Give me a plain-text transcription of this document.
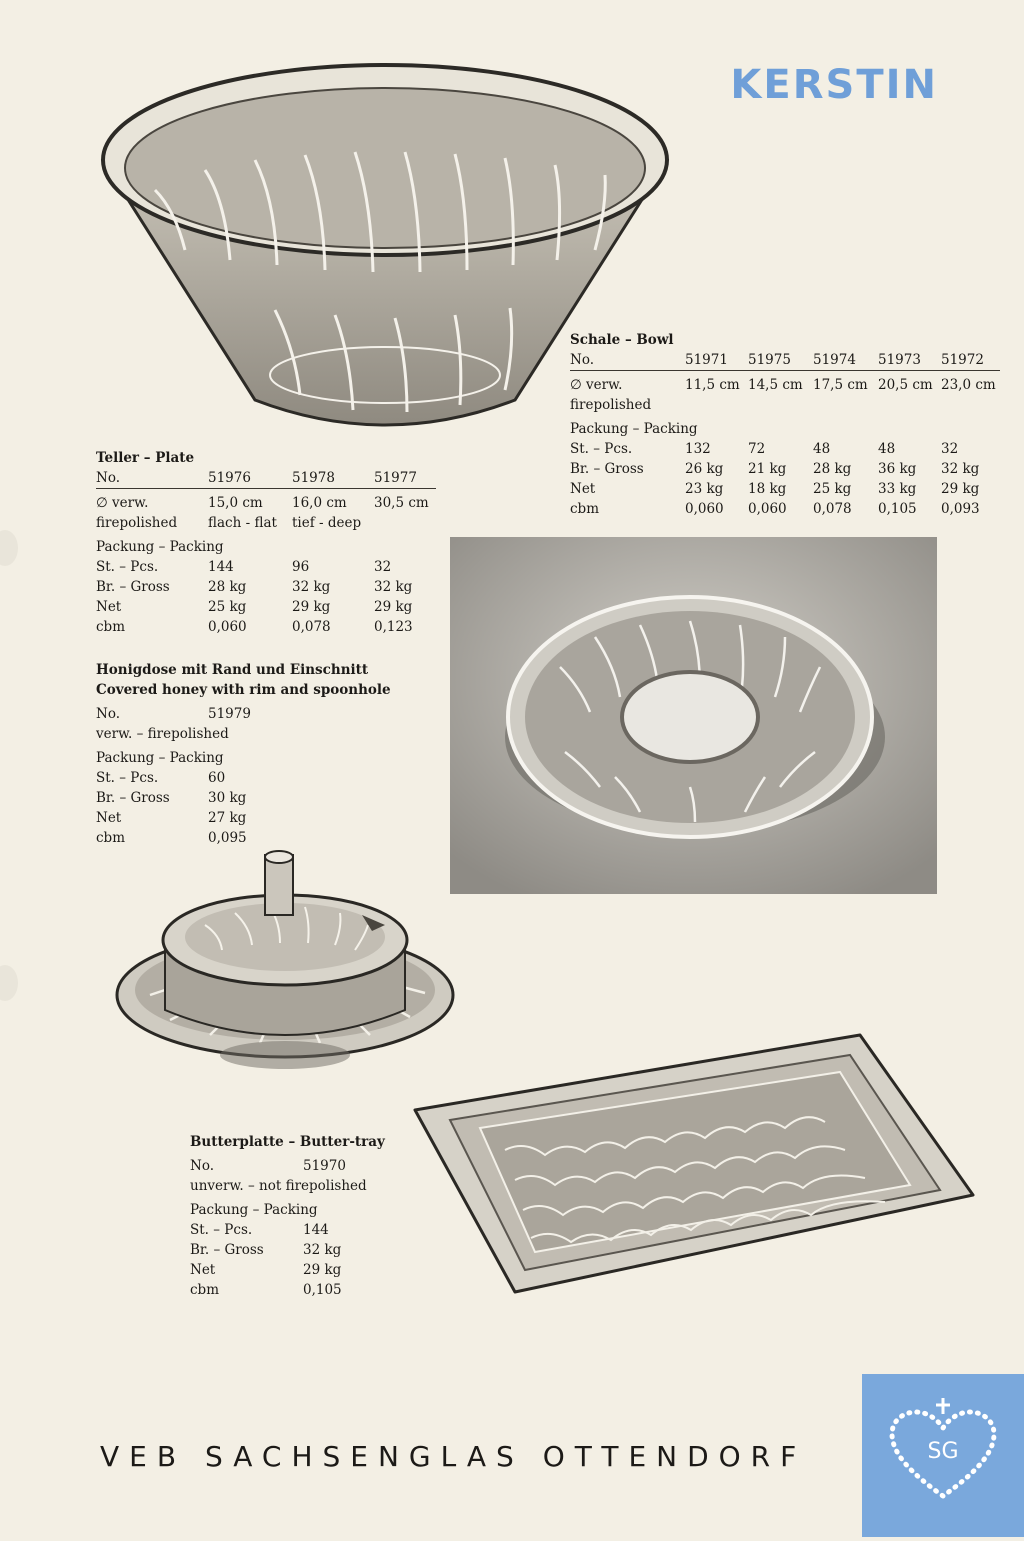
KERSTIN
Schale – Bowl
No.	51971	51975	51974	51973	51972
∅ verw.	11,5 cm 14,5 cm 17,5 cm 20,5 cm 23,0 cm
firepolished
Packung – Packing
St. – Pcs.	132	72	48	48	32
Br. – Gross	26 kg	21 kg	28 kg	36 kg	32 kg
Net	23 kg	18 kg	25 kg	33 kg	29 kg
cbm	0,060	0,060	0,078	0,105	0,093
Teller – Plate
No.	51976	51978	51977
∅ verw.	15,0 cm	16,0 cm	30,5 cm
firepolished	flach - flat	tief - deep
Packung – Packing
St. – Pcs.	144	96	32
Br. – Gross	28 kg	32 kg	32 kg
Net	25 kg	29 kg	29 kg
cbm	0,060	0,078	0,123
Honigdose mit Rand und Einschnitt
Covered honey with rim and spoonhole
No.	51979
verw. – firepolished
Packung – Packing
St. – Pcs.	60
Br. – Gross	30 kg
Net	27 kg
cbm	0,095
Butterplatte – Butter-tray
No.	51970
unverw. – not firepolished
Packung – Packing
St. – Pcs.	144
Br. – Gross	32 kg
Net	29 kg
cbm	0,105
VEB SACHSENGLAS OTTENDORF	SG
